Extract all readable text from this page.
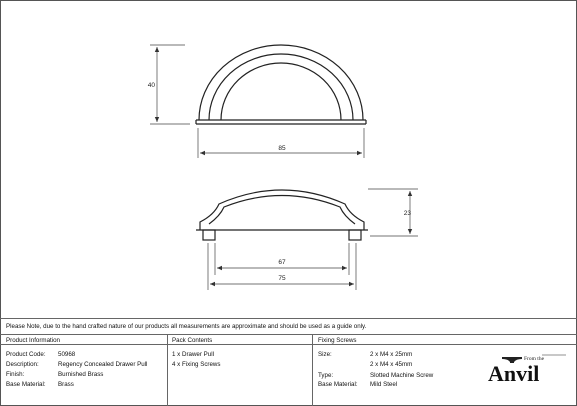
40
85
23
67
75
Please Note, due to the hand crafted nature of our products all measurements are approximate and should be used as a guide only.
Product Information
Product Code: 50968
Description:	Regency Concealed Drawer Pull
Finish:	Burnished Brass
Base Material: Brass
Pack Contents
1 x Drawer Pull
4 x Fixing Screws
Fixing Screws
Size:	2 x M4 x 25mm
2 x M4 x 45mm
Type:	Slotted Machine Screw
Base Material: Mild Steel
From the
Anvil
